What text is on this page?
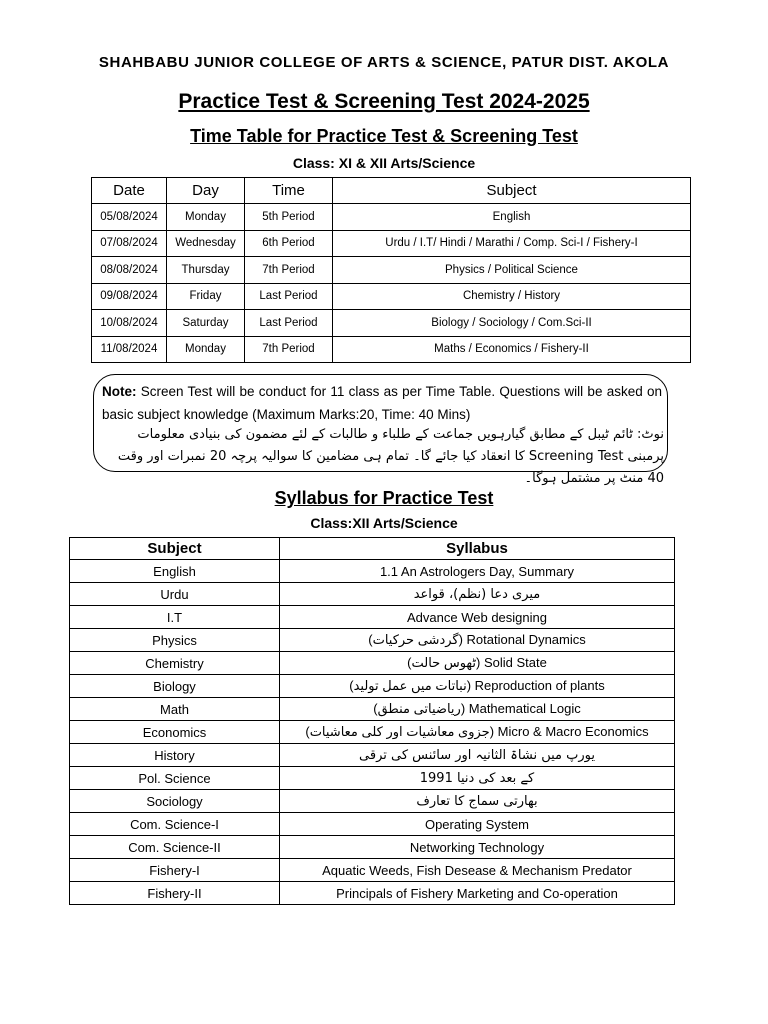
SHAHBABU JUNIOR COLLEGE OF ARTS & SCIENCE, PATUR DIST. AKOLA
Practice Test & Screening Test 2024-2025
Time Table for Practice Test & Screening Test
Class: XI & XII Arts/Science
Date	Day	Time	Subject
05/08/2024	Monday	5th Period	English
07/08/2024	Wednesday	6th Period	Urdu / I.T/ Hindi / Marathi / Comp. Sci-I / Fishery-I
08/08/2024	Thursday	7th Period	Physics / Political Science
09/08/2024	Friday	Last Period	Chemistry / History
10/08/2024	Saturday	Last Period	Biology / Sociology / Com.Sci-II
11/08/2024	Monday	7th Period	Maths / Economics / Fishery-II
Note: Screen Test will be conduct for 11 class as per Time Table. Questions will be asked on basic subject knowledge (Maximum Marks:20, Time: 40 Mins)
نوٹ: ٹائم ٹیبل کے مطابق گیارہویں جماعت کے طلباء و طالبات کے لئے مضمون کی بنیادی معلومات پرمبنی Screening Test کا انعقاد کیا جائے گا۔ تمام ہی مضامین کا سوالیہ پرچہ 20 نمبرات اور وقت 40 منٹ پر مشتمل ہوگا۔
Syllabus for Practice Test
Class:XII Arts/Science
Subject	Syllabus
English	1.1 An Astrologers Day, Summary
Urdu	میری دعا (نظم)، قواعد
I.T	Advance Web designing
Physics	(گردشی حرکیات) Rotational Dynamics
Chemistry	(ٹھوس حالت) Solid State
Biology	(نباتات میں عمل تولید) Reproduction of plants
Math	(ریاضیاتی منطق) Mathematical Logic
Economics	(جزوی معاشیات اور کلی معاشیات) Micro & Macro Economics
History	یورپ میں نشاۃ الثانیہ اور سائنس کی ترقی
Pol. Science	1991 کے بعد کی دنیا
Sociology	بھارتی سماج کا تعارف
Com. Science-I	Operating System
Com. Science-II	Networking Technology
Fishery-I	Aquatic Weeds, Fish Desease & Mechanism Predator
Fishery-II	Principals of Fishery Marketing and Co-operation
